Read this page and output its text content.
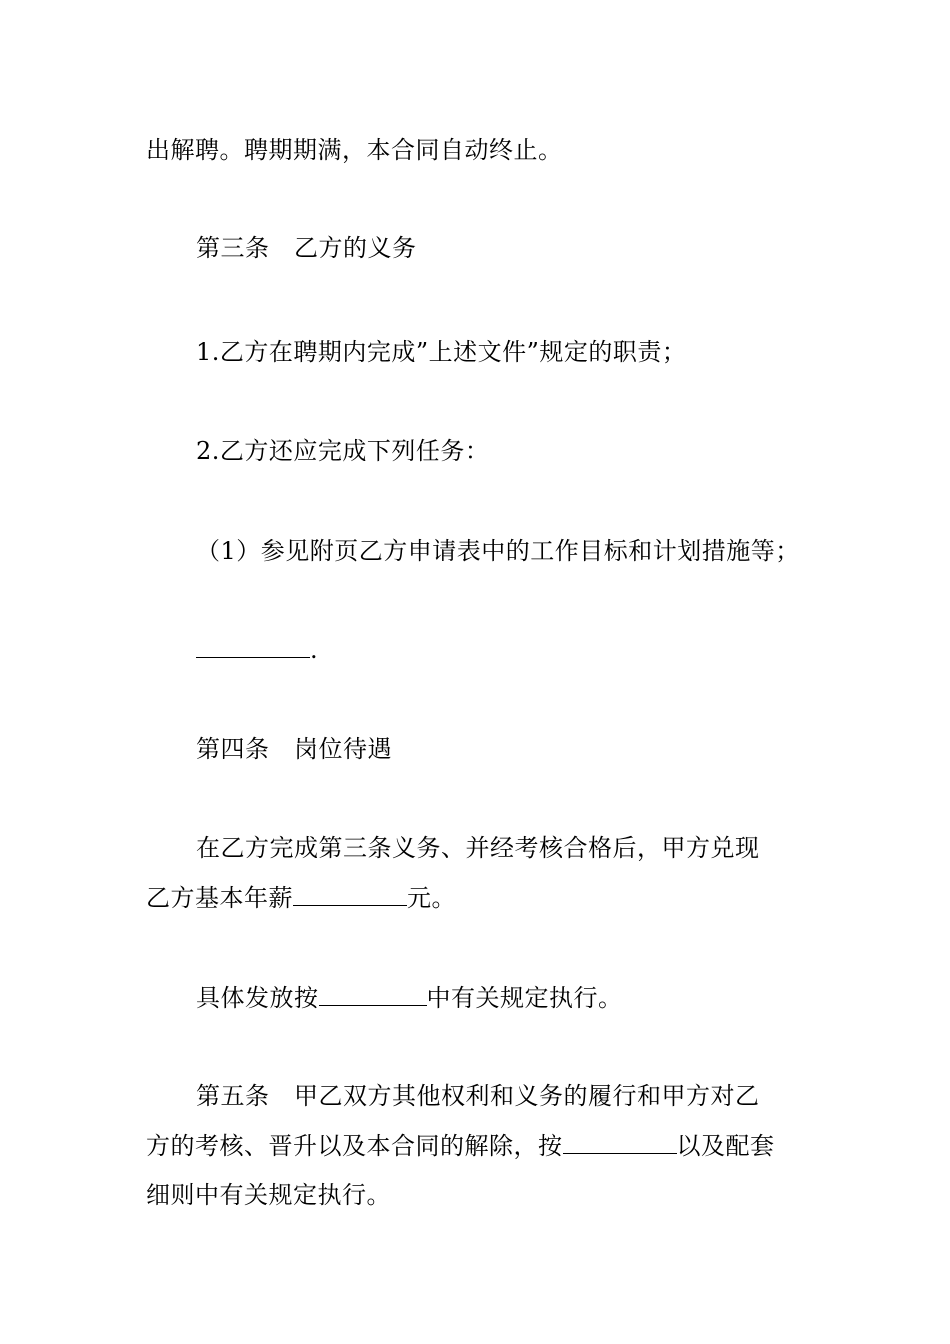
出解聘。聘期期满，本合同自动终止。

第三条　乙方的义务

1.乙方在聘期内完成”上述文件”规定的职责；

2.乙方还应完成下列任务：

（1）参见附页乙方申请表中的工作目标和计划措施等；

.

第四条　岗位待遇

在乙方完成第三条义务、并经考核合格后，甲方兑现

乙方基本年薪	元。

具体发放按	中有关规定执行。

第五条　甲乙双方其他权利和义务的履行和甲方对乙

方的考核、晋升以及本合同的解除，按	以及配套

细则中有关规定执行。
